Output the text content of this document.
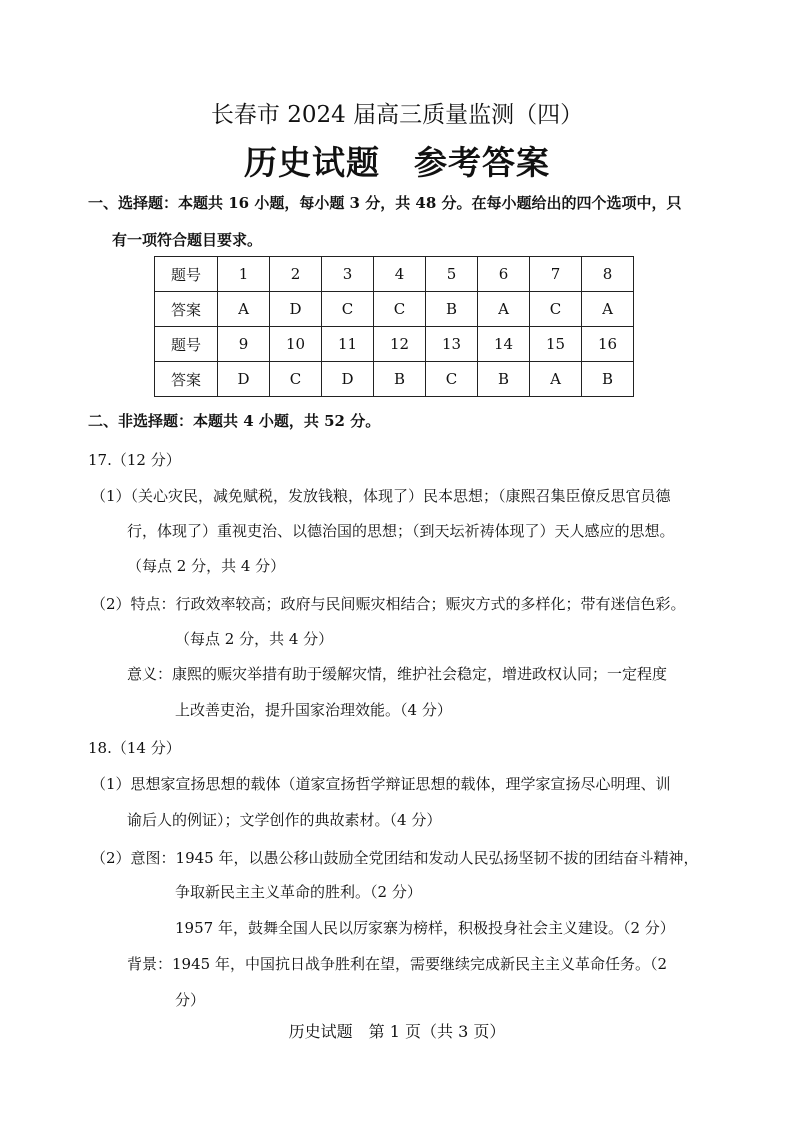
长春市 2024 届高三质量监测（四）
历史试题 参考答案
一、选择题：本题共 16 小题，每小题 3 分，共 48 分。在每小题给出的四个选项中，只
有一项符合题目要求。
题号	1	2	3	4	5	6	7	8
答案	A	D	C	C	B	A	C	A
题号	9	10	11	12	13	14	15	16
答案	D	C	D	B	C	B	A	B
二、非选择题：本题共 4 小题，共 52 分。
17.（12 分）
（1）（关心灾民，减免赋税，发放钱粮，体现了）民本思想；（康熙召集臣僚反思官员德
行，体现了）重视吏治、以德治国的思想；（到天坛祈祷体现了）天人感应的思想。
（每点 2 分，共 4 分）
（2）特点：行政效率较高；政府与民间赈灾相结合；赈灾方式的多样化；带有迷信色彩。
（每点 2 分，共 4 分）
意义：康熙的赈灾举措有助于缓解灾情，维护社会稳定，增进政权认同；一定程度
上改善吏治，提升国家治理效能。（4 分）
18.（14 分）
（1）思想家宣扬思想的载体（道家宣扬哲学辩证思想的载体，理学家宣扬尽心明理、训
谕后人的例证）；文学创作的典故素材。（4 分）
（2）意图：1945 年，以愚公移山鼓励全党团结和发动人民弘扬坚韧不拔的团结奋斗精神，
争取新民主主义革命的胜利。（2 分）
1957 年，鼓舞全国人民以厉家寨为榜样，积极投身社会主义建设。（2 分）
背景：1945 年，中国抗日战争胜利在望，需要继续完成新民主主义革命任务。（2
分）
历史试题　第 1 页（共 3 页）
